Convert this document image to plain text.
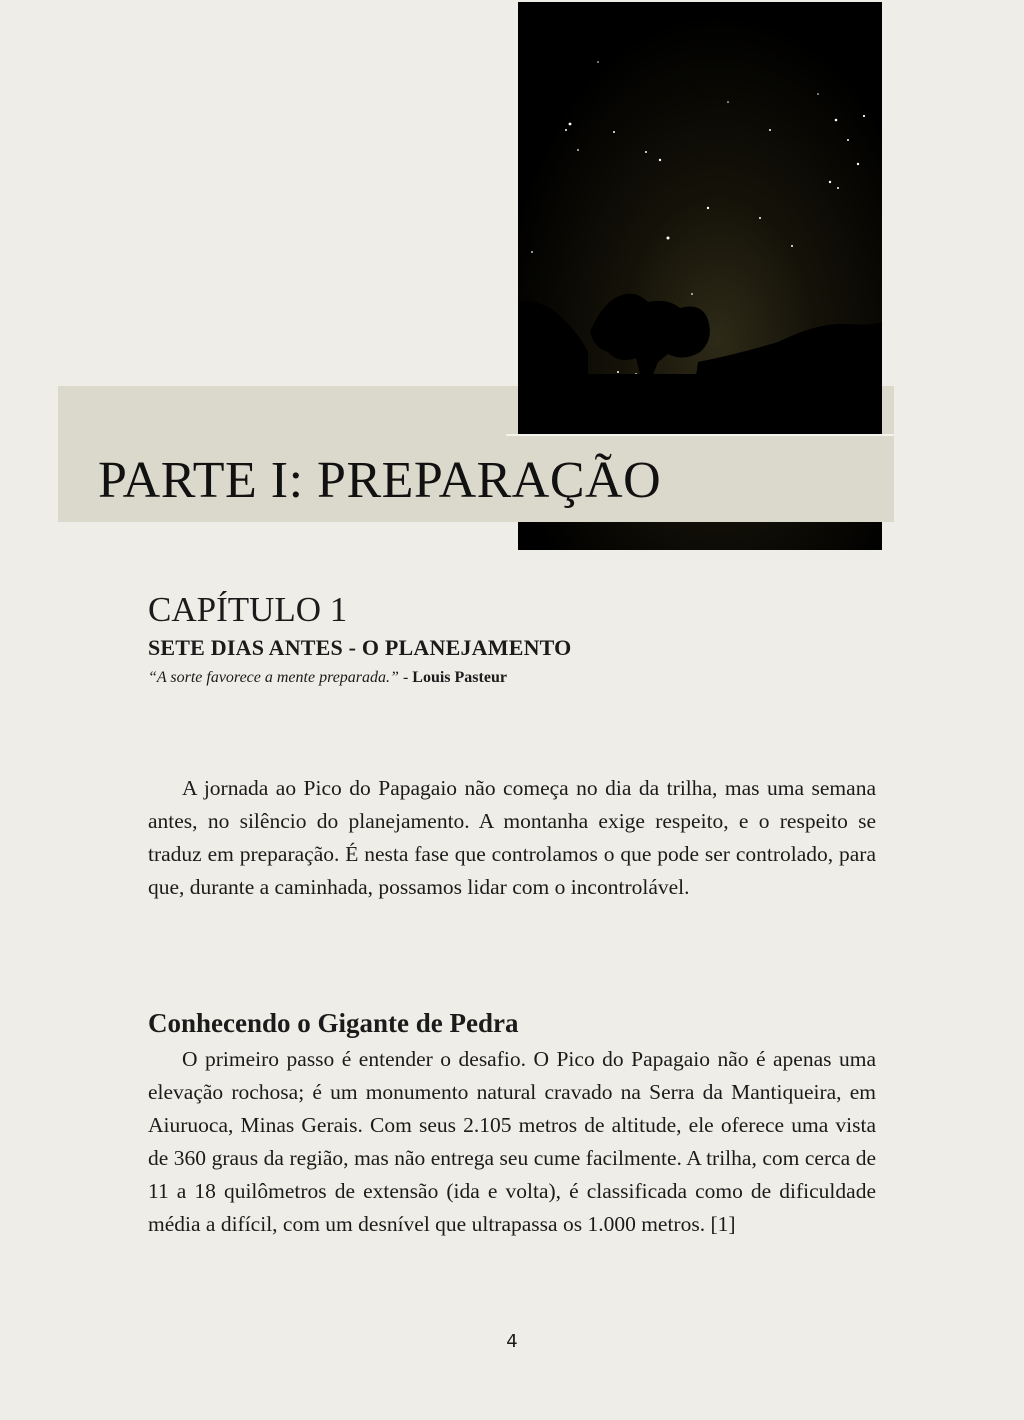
PARTE I: PREPARAÇÃO
CAPÍTULO 1
SETE DIAS ANTES - O PLANEJAMENTO

“A sorte favorece a mente preparada.” - Louis Pasteur

A jornada ao Pico do Papagaio não começa no dia da trilha, mas uma semana antes, no silêncio do planejamento. A montanha exige respeito, e o respeito se traduz em preparação. É nesta fase que controlamos o que pode ser controlado, para que, durante a caminhada, possamos lidar com o incontrolável.

Conhecendo o Gigante de Pedra

O primeiro passo é entender o desafio. O Pico do Papagaio não é apenas uma elevação rochosa; é um monumento natural cravado na Serra da Mantiqueira, em Aiuruoca, Minas Gerais. Com seus 2.105 metros de altitude, ele oferece uma vista de 360 graus da região, mas não entrega seu cume facilmente. A trilha, com cerca de 11 a 18 quilômetros de extensão (ida e volta), é classificada como de dificuldade média a difícil, com um desnível que ultrapassa os 1.000 metros. [1]

4
